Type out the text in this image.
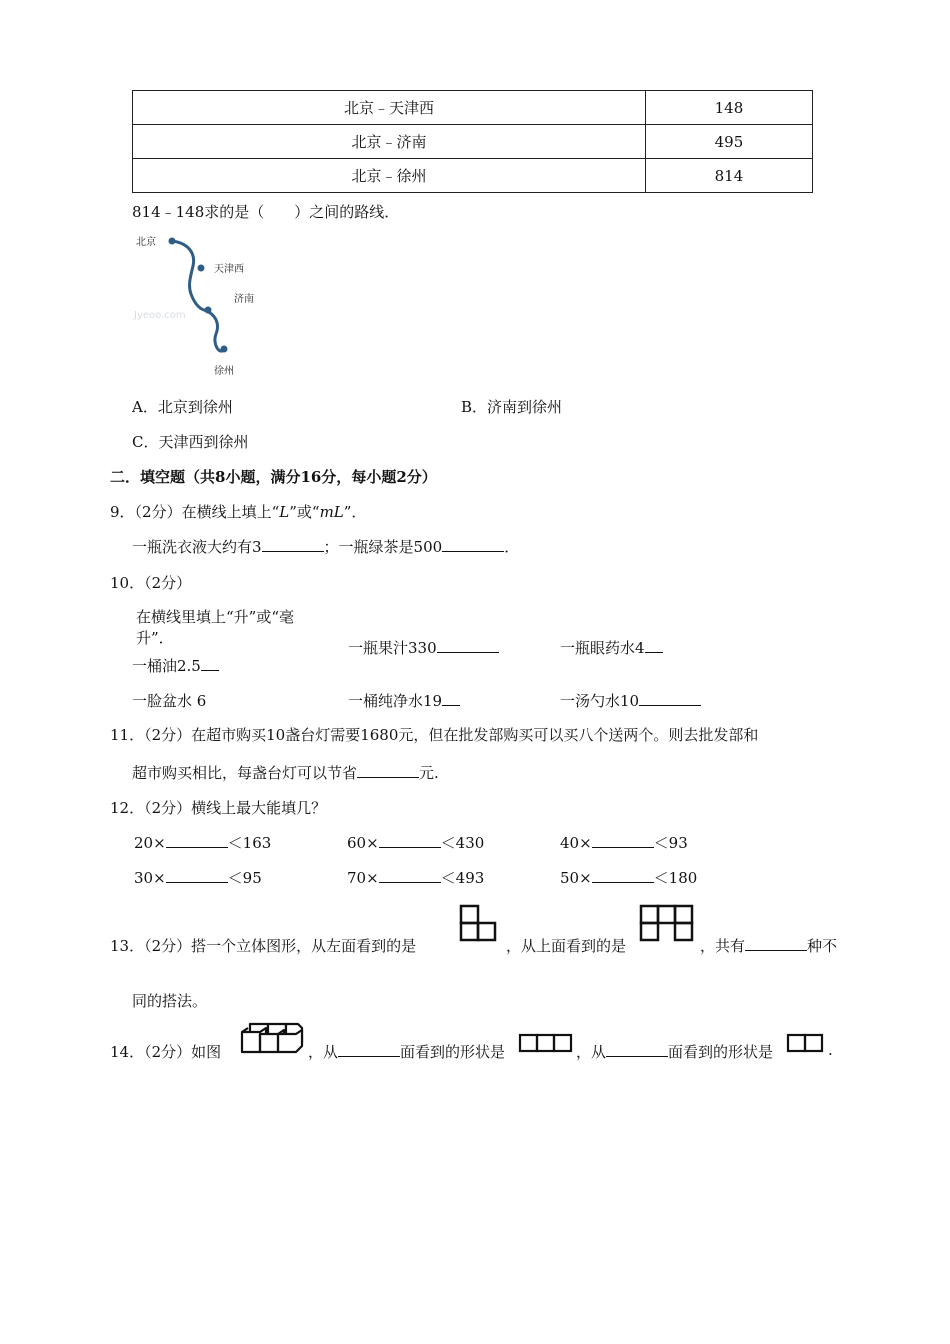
北京﹣天津西	148
北京﹣济南	495
北京﹣徐州	814
814﹣148求的是（　　）之间的路线．
北京
天津西
济南
徐州
Jyeoo.com
A．北京到徐州	B．济南到徐州
C．天津西到徐州
二．填空题（共8小题，满分16分，每小题2分）
9．（2分）在横线上填上“L”或“mL”．
一瓶洗衣液大约有3	；一瓶绿茶是500	．
10．（2分）
在横线里填上“升”或“毫
升”．
一桶油2.5
一瓶果汁330	一瓶眼药水4
一脸盆水 6	一桶纯净水19	一汤勺水10
11．（2分）在超市购买10盏台灯需要1680元，但在批发部购买可以买八个送两个。则去批发部和
超市购买相比，每盏台灯可以节省	元.
12．（2分）横线上最大能填几？
20×	＜163	60×	＜430	40×	＜93
30×	＜95	70×	＜493	50×	＜180
13．（2分）搭一个立体图形，从左面看到的是	，从上面看到的是	，共有	种不
同的搭法。
14．（2分）如图	，从	面看到的形状是	，从	面看到的形状是	.
